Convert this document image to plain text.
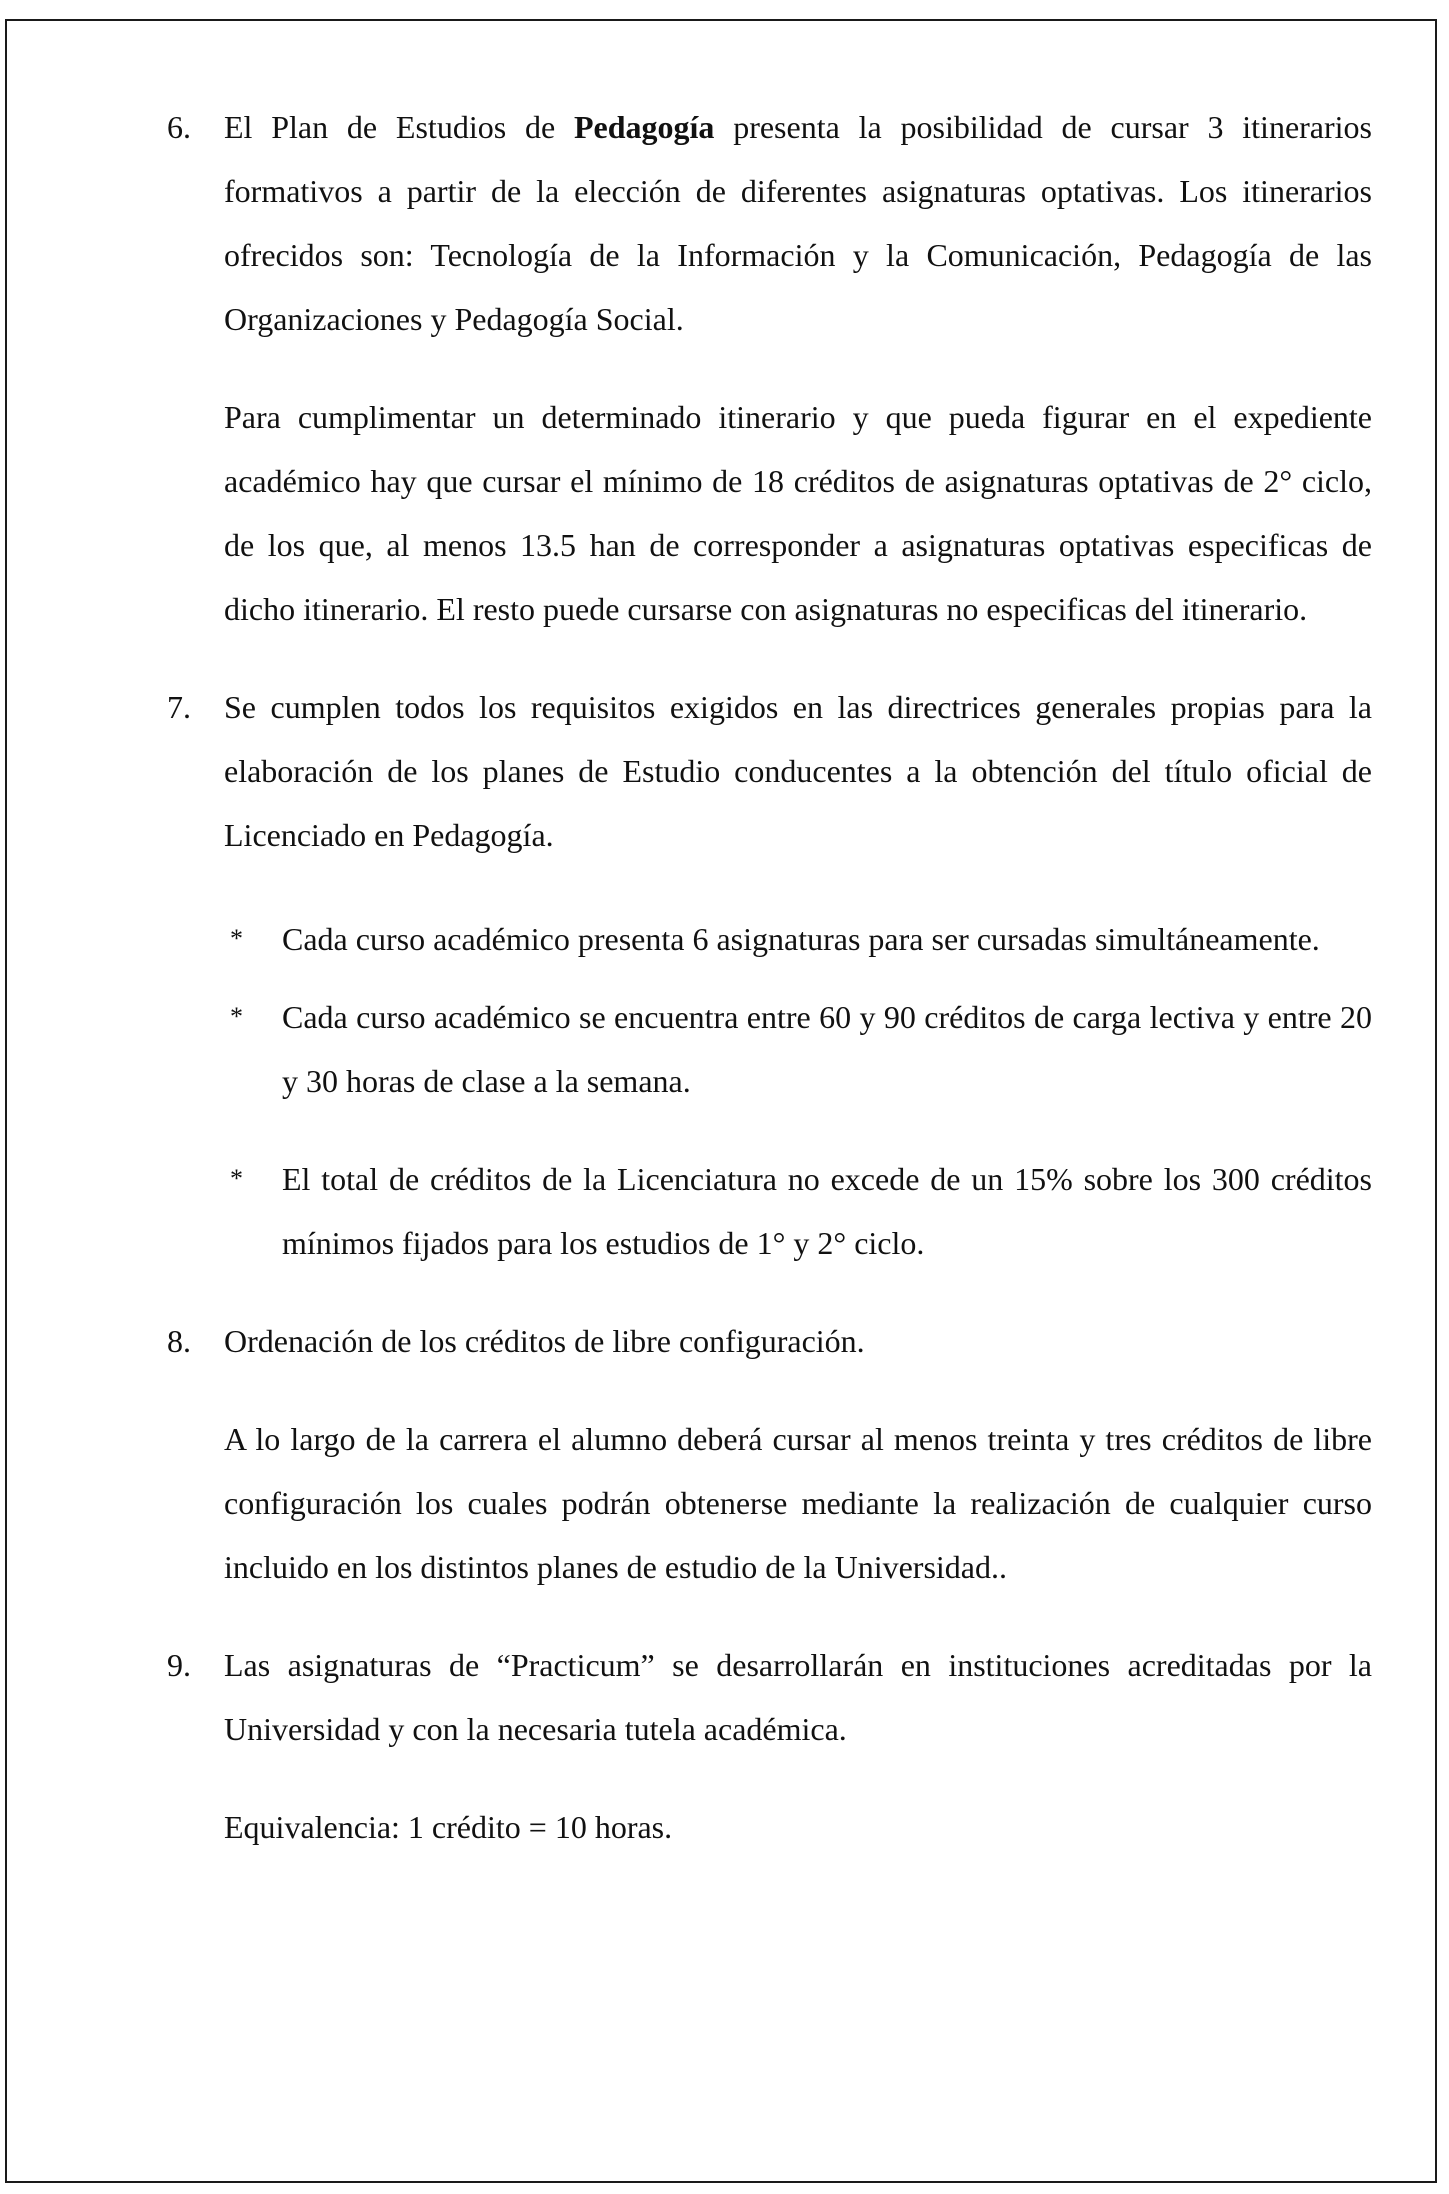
6.	El Plan de Estudios de Pedagogía presenta la posibilidad de cursar 3 itinerarios formativos a partir de la elección de diferentes asignaturas optativas. Los itinerarios ofrecidos son: Tecnología de la Información y la Comunicación, Pedagogía de las Organizaciones y Pedagogía Social.

Para cumplimentar un determinado itinerario y que pueda figurar en el expediente académico hay que cursar el mínimo de 18 créditos de asignaturas optativas de 2° ciclo, de los que, al menos 13.5 han de corresponder a asignaturas optativas especificas de dicho itinerario. El resto puede cursarse con asignaturas no especificas del itinerario.

7.	Se cumplen todos los requisitos exigidos en las directrices generales propias para la elaboración de los planes de Estudio conducentes a la obtención del título oficial de Licenciado en Pedagogía.

*	Cada curso académico presenta 6 asignaturas para ser cursadas simultáneamente.

*	Cada curso académico se encuentra entre 60 y 90 créditos de carga lectiva y entre 20 y 30 horas de clase a la semana.

*	El total de créditos de la Licenciatura no excede de un 15% sobre los 300 créditos mínimos fijados para los estudios de 1° y 2° ciclo.

8.	Ordenación de los créditos de libre configuración.

A lo largo de la carrera el alumno deberá cursar al menos treinta y tres créditos de libre configuración los cuales podrán obtenerse mediante la realización de cualquier curso incluido en los distintos planes de estudio de la Universidad..

9.	Las asignaturas de “Practicum” se desarrollarán en instituciones acreditadas por la Universidad y con la necesaria tutela académica.

Equivalencia: 1 crédito = 10 horas.
